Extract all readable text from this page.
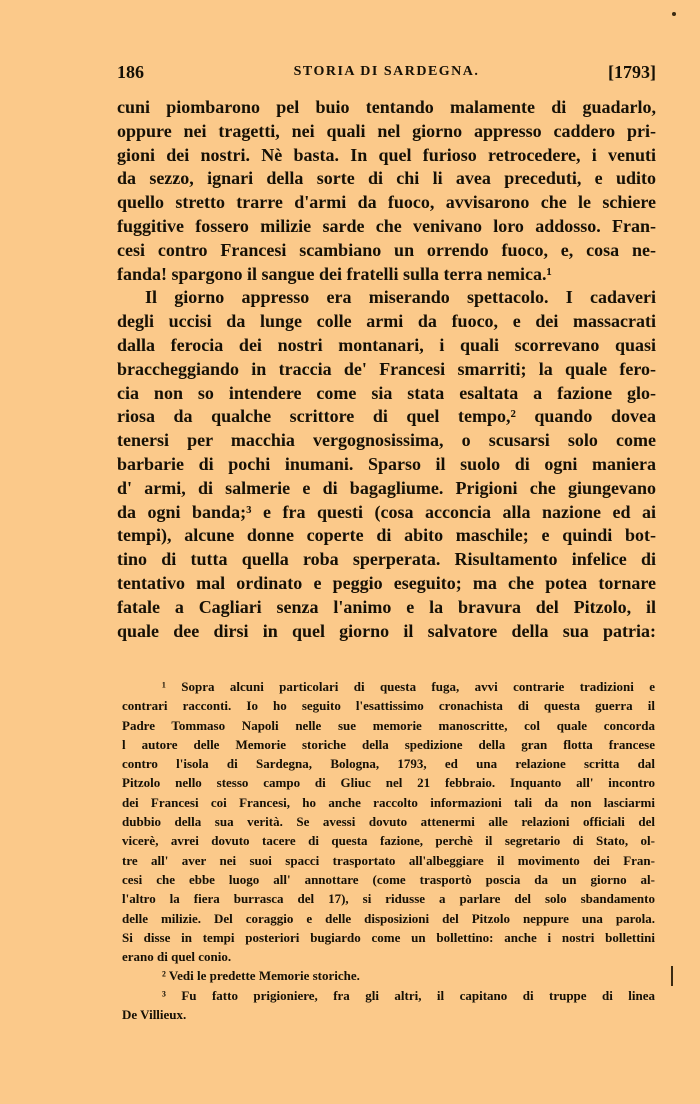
186	STORIA DI SARDEGNA.	[1793]
cuni piombarono pel buio tentando malamente di guadarlo,
oppure nei tragetti, nei quali nel giorno appresso caddero pri-
gioni dei nostri. Nè basta. In quel furioso retrocedere, i venuti
da sezzo, ignari della sorte di chi li avea preceduti, e udito
quello stretto trarre d'armi da fuoco, avvisarono che le schiere
fuggitive fossero milizie sarde che venivano loro addosso. Fran-
cesi contro Francesi scambiano un orrendo fuoco, e, cosa ne-
fanda! spargono il sangue dei fratelli sulla terra nemica.¹
Il giorno appresso era miserando spettacolo. I cadaveri
degli uccisi da lunge colle armi da fuoco, e dei massacrati
dalla ferocia dei nostri montanari, i quali scorrevano quasi
braccheggiando in traccia de' Francesi smarriti; la quale fero-
cia non so intendere come sia stata esaltata a fazione glo-
riosa da qualche scrittore di quel tempo,² quando dovea
tenersi per macchia vergognosissima, o scusarsi solo come
barbarie di pochi inumani. Sparso il suolo di ogni maniera
d' armi, di salmerie e di bagagliume. Prigioni che giungevano
da ogni banda;³ e fra questi (cosa acconcia alla nazione ed ai
tempi), alcune donne coperte di abito maschile; e quindi bot-
tino di tutta quella roba sperperata. Risultamento infelice di
tentativo mal ordinato e peggio eseguito; ma che potea tornare
fatale a Cagliari senza l'animo e la bravura del Pitzolo, il
quale dee dirsi in quel giorno il salvatore della sua patria:
¹ Sopra alcuni particolari di questa fuga, avvi contrarie tradizioni e
contrari racconti. Io ho seguito l'esattissimo cronachista di questa guerra il
Padre Tommaso Napoli nelle sue memorie manoscritte, col quale concorda
l autore delle Memorie storiche della spedizione della gran flotta francese
contro l'isola di Sardegna, Bologna, 1793, ed una relazione scritta dal
Pitzolo nello stesso campo di Gliuc nel 21 febbraio. Inquanto all' incontro
dei Francesi coi Francesi, ho anche raccolto informazioni tali da non lasciarmi
dubbio della sua verità. Se avessi dovuto attenermi alle relazioni officiali del
vicerè, avrei dovuto tacere di questa fazione, perchè il segretario di Stato, ol-
tre all' aver nei suoi spacci trasportato all'albeggiare il movimento dei Fran-
cesi che ebbe luogo all' annottare (come trasportò poscia da un giorno al-
l'altro la fiera burrasca del 17), si ridusse a parlare del solo sbandamento
delle milizie. Del coraggio e delle disposizioni del Pitzolo neppure una parola.
Si disse in tempi posteriori bugiardo come un bollettino: anche i nostri bollettini
erano di quel conio.
² Vedi le predette Memorie storiche.
³ Fu fatto prigioniere, fra gli altri, il capitano di truppe di linea
De Villieux.
